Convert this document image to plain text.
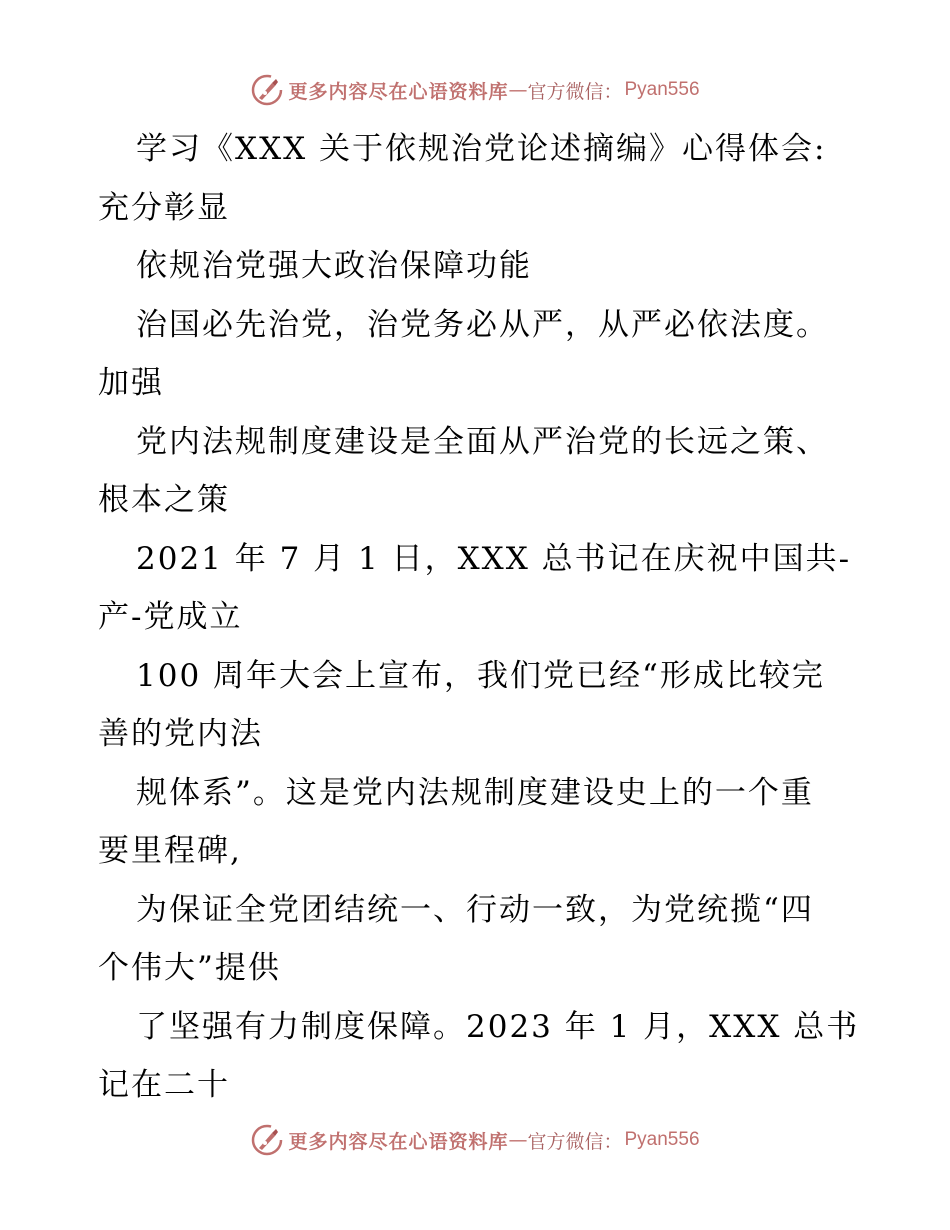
更多内容尽在心语资料库 — 官方微信： Pyan556
学习《XXX 关于依规治党论述摘编》心得体会:
充分彰显
依规治党强大政治保障功能
治国必先治党，治党务必从严，从严必依法度。
加强
党内法规制度建设是全面从严治党的长远之策、
根本之策
2021 年 7 月 1 日，XXX 总书记在庆祝中国共-
产-党成立
100 周年大会上宣布，我们党已经“形成比较完
善的党内法
规体系”。这是党内法规制度建设史上的一个重
要里程碑,
为保证全党团结统一、行动一致，为党统揽“四
个伟大”提供
了坚强有力制度保障。2023 年 1 月，XXX 总书
记在二十
更多内容尽在心语资料库 — 官方微信： Pyan556
